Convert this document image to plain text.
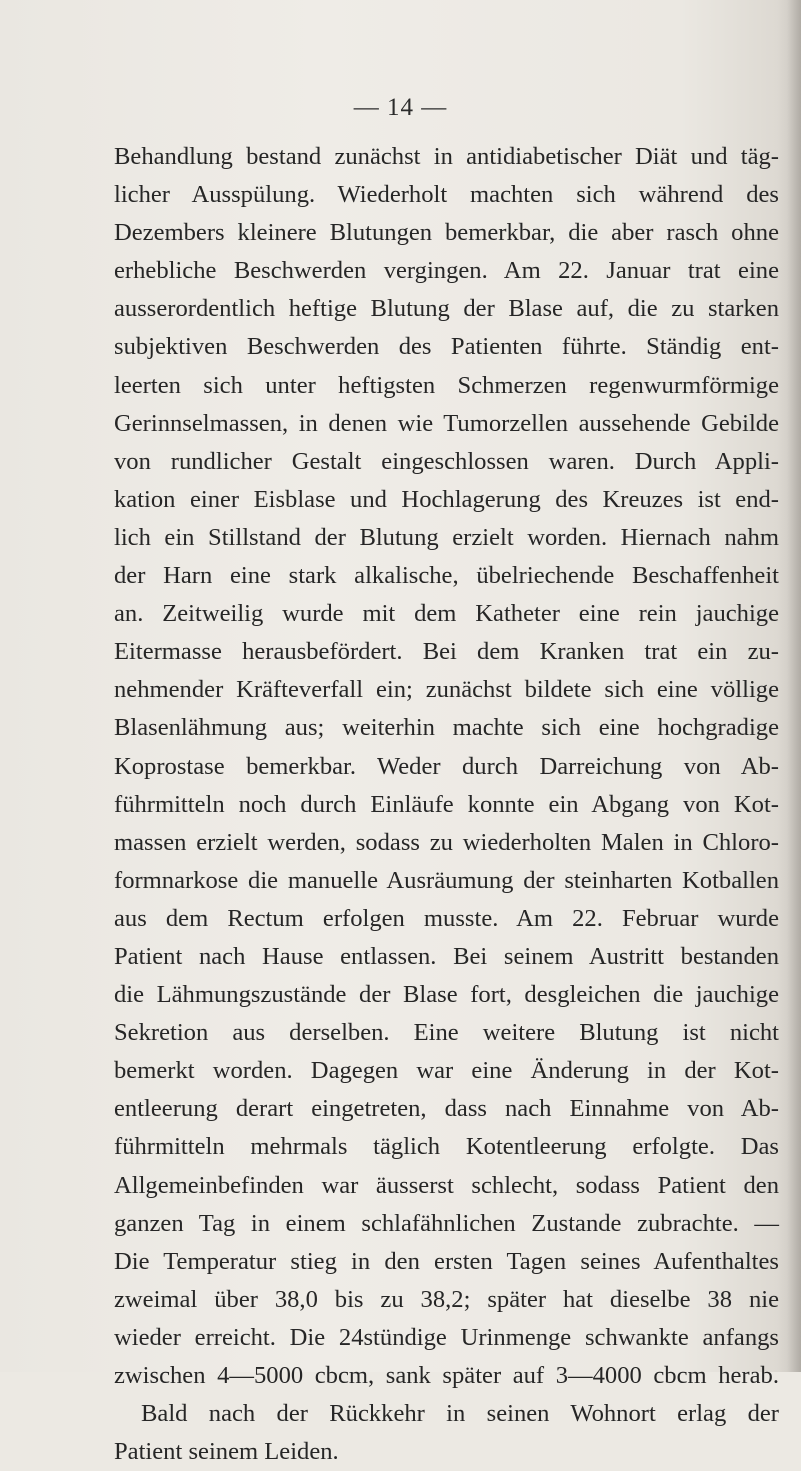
— 14 —
Behandlung bestand zunächst in antidiabetischer Diät und täg-
licher Ausspülung. Wiederholt machten sich während des
Dezembers kleinere Blutungen bemerkbar, die aber rasch ohne
erhebliche Beschwerden vergingen. Am 22. Januar trat eine
ausserordentlich heftige Blutung der Blase auf, die zu starken
subjektiven Beschwerden des Patienten führte. Ständig ent-
leerten sich unter heftigsten Schmerzen regenwurmförmige
Gerinnselmassen, in denen wie Tumorzellen aussehende Gebilde
von rundlicher Gestalt eingeschlossen waren. Durch Appli-
kation einer Eisblase und Hochlagerung des Kreuzes ist end-
lich ein Stillstand der Blutung erzielt worden. Hiernach nahm
der Harn eine stark alkalische, übelriechende Beschaffenheit
an. Zeitweilig wurde mit dem Katheter eine rein jauchige
Eitermasse herausbefördert. Bei dem Kranken trat ein zu-
nehmender Kräfteverfall ein; zunächst bildete sich eine völlige
Blasenlähmung aus; weiterhin machte sich eine hochgradige
Koprostase bemerkbar. Weder durch Darreichung von Ab-
führmitteln noch durch Einläufe konnte ein Abgang von Kot-
massen erzielt werden, sodass zu wiederholten Malen in Chloro-
formnarkose die manuelle Ausräumung der steinharten Kotballen
aus dem Rectum erfolgen musste. Am 22. Februar wurde
Patient nach Hause entlassen. Bei seinem Austritt bestanden
die Lähmungszustände der Blase fort, desgleichen die jauchige
Sekretion aus derselben. Eine weitere Blutung ist nicht
bemerkt worden. Dagegen war eine Änderung in der Kot-
entleerung derart eingetreten, dass nach Einnahme von Ab-
führmitteln mehrmals täglich Kotentleerung erfolgte. Das
Allgemeinbefinden war äusserst schlecht, sodass Patient den
ganzen Tag in einem schlafähnlichen Zustande zubrachte. —
Die Temperatur stieg in den ersten Tagen seines Aufenthaltes
zweimal über 38,0 bis zu 38,2; später hat dieselbe 38 nie
wieder erreicht. Die 24stündige Urinmenge schwankte anfangs
zwischen 4—5000 cbcm, sank später auf 3—4000 cbcm herab.
Bald nach der Rückkehr in seinen Wohnort erlag der
Patient seinem Leiden.
